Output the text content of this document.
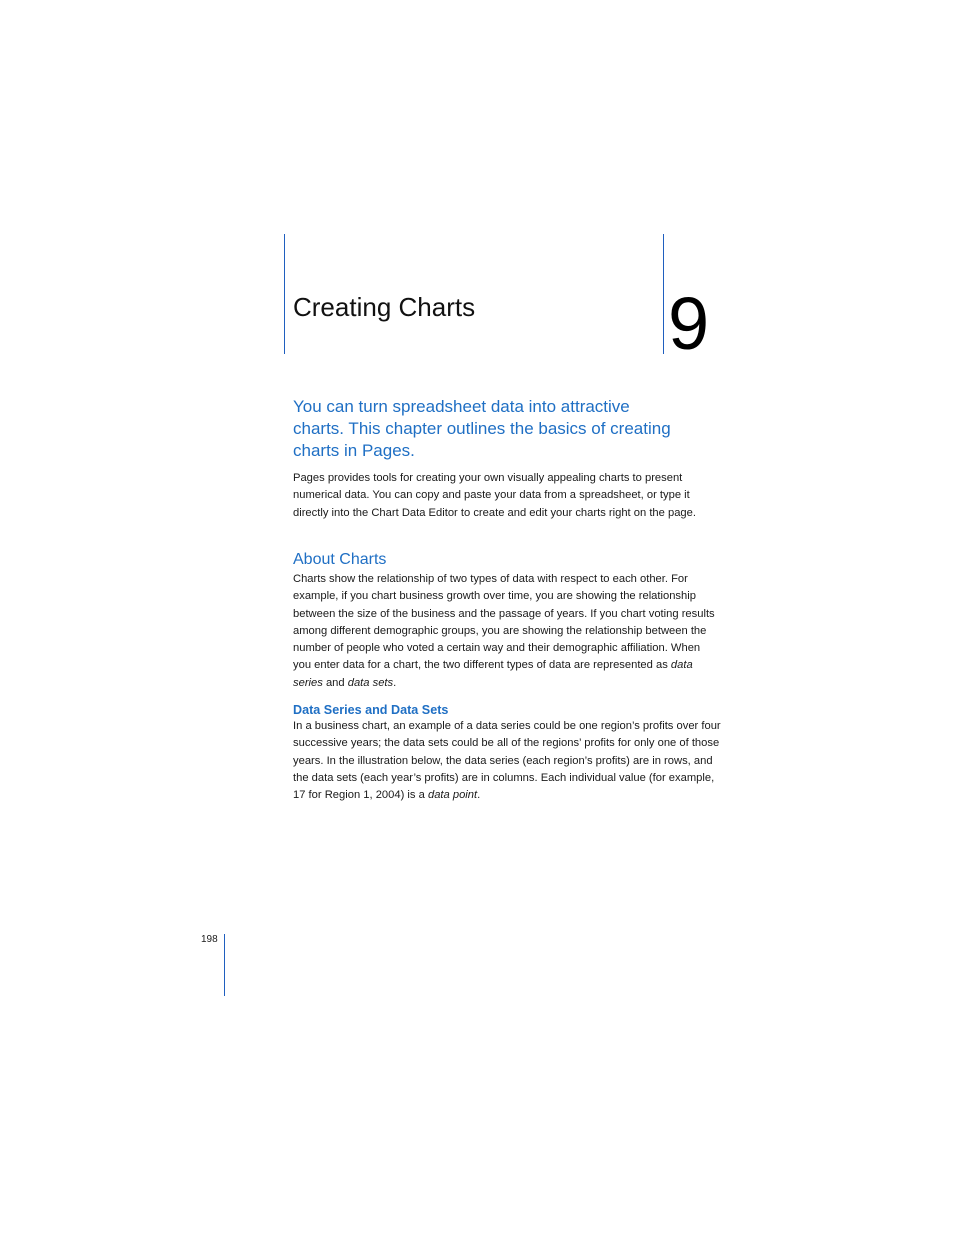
Creating Charts	9
You can turn spreadsheet data into attractive
charts. This chapter outlines the basics of creating
charts in Pages.
Pages provides tools for creating your own visually appealing charts to present
numerical data. You can copy and paste your data from a spreadsheet, or type it
directly into the Chart Data Editor to create and edit your charts right on the page.
About Charts
Charts show the relationship of two types of data with respect to each other. For
example, if you chart business growth over time, you are showing the relationship
between the size of the business and the passage of years. If you chart voting results
among different demographic groups, you are showing the relationship between the
number of people who voted a certain way and their demographic affiliation. When
you enter data for a chart, the two different types of data are represented as data
series and data sets.
Data Series and Data Sets
In a business chart, an example of a data series could be one region’s profits over four
successive years; the data sets could be all of the regions’ profits for only one of those
years. In the illustration below, the data series (each region’s profits) are in rows, and
the data sets (each year’s profits) are in columns. Each individual value (for example,
17 for Region 1, 2004) is a data point.
198
